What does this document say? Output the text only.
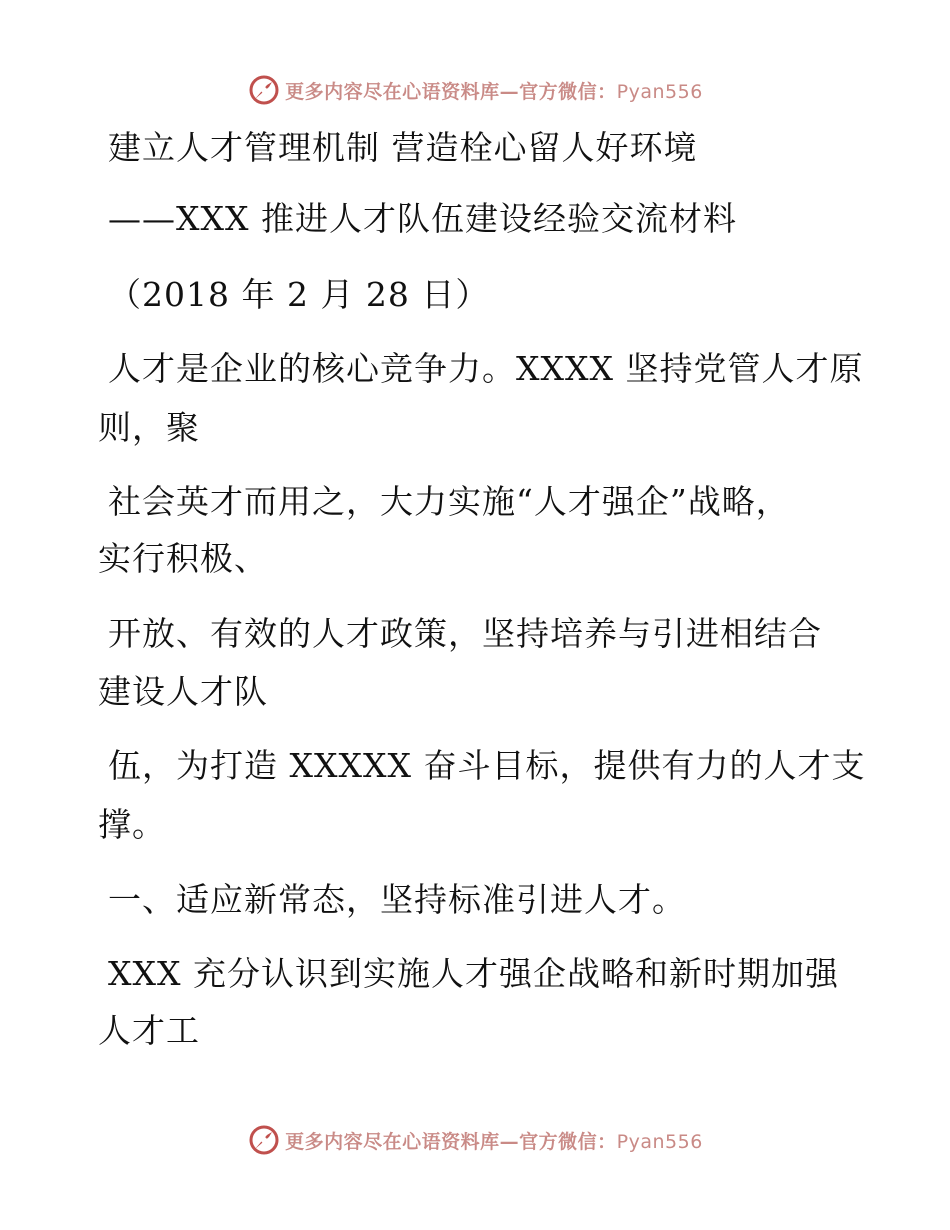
更多内容尽在心语资料库—官方微信：Pyan556
建立人才管理机制 营造栓心留人好环境
——XXX 推进人才队伍建设经验交流材料
（2018 年 2 月 28 日）
人才是企业的核心竞争力。XXXX 坚持党管人才原
则，聚
社会英才而用之，大力实施“人才强企”战略，
实行积极、
开放、有效的人才政策，坚持培养与引进相结合
建设人才队
伍，为打造 XXXXX 奋斗目标，提供有力的人才支
撑。
一、适应新常态，坚持标准引进人才。
XXX 充分认识到实施人才强企战略和新时期加强
人才工
更多内容尽在心语资料库—官方微信：Pyan556
